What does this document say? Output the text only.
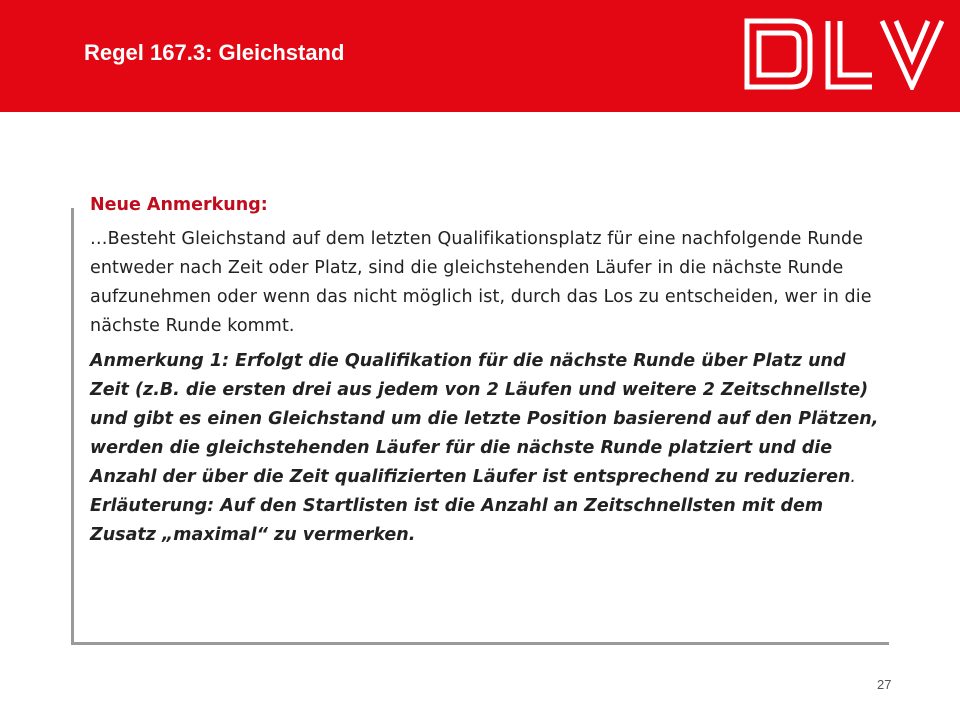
Regel 167.3: Gleichstand

Neue Anmerkung:

…Besteht Gleichstand auf dem letzten Qualifikationsplatz für eine nachfolgende Runde entweder nach Zeit oder Platz, sind die gleichstehenden Läufer in die nächste Runde aufzunehmen oder wenn das nicht möglich ist, durch das Los zu entscheiden, wer in die nächste Runde kommt.

Anmerkung 1: Erfolgt die Qualifikation für die nächste Runde über Platz und Zeit (z.B. die ersten drei aus jedem von 2 Läufen und weitere 2 Zeitschnellste) und gibt es einen Gleichstand um die letzte Position basierend auf den Plätzen, werden die gleichstehenden Läufer für die nächste Runde platziert und die Anzahl der über die Zeit qualifizierten Läufer ist entsprechend zu reduzieren. Erläuterung: Auf den Startlisten ist die Anzahl an Zeitschnellsten mit dem Zusatz „maximal“ zu vermerken.

27
